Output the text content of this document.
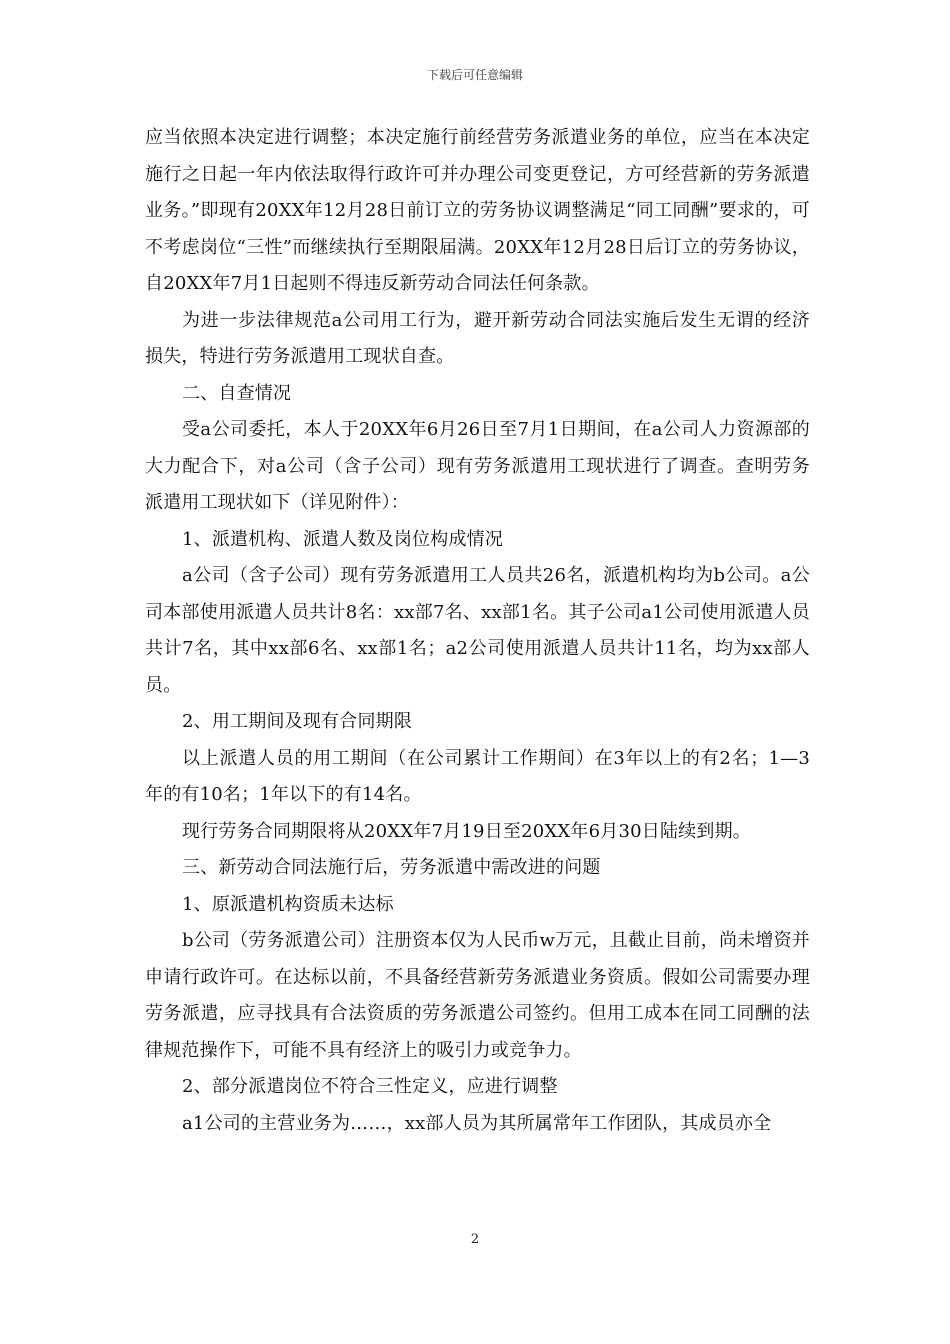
下载后可任意编辑

应当依照本决定进行调整；本决定施行前经营劳务派遣业务的单位，应当在本决定施行之日起一年内依法取得行政许可并办理公司变更登记，方可经营新的劳务派遣业务。”即现有20XX年12月28日前订立的劳务协议调整满足“同工同酬”要求的，可不考虑岗位“三性”而继续执行至期限届满。20XX年12月28日后订立的劳务协议，自20XX年7月1日起则不得违反新劳动合同法任何条款。

为进一步法律规范a公司用工行为，避开新劳动合同法实施后发生无谓的经济损失，特进行劳务派遣用工现状自查。

二、自查情况

受a公司委托，本人于20XX年6月26日至7月1日期间，在a公司人力资源部的大力配合下，对a公司（含子公司）现有劳务派遣用工现状进行了调查。查明劳务派遣用工现状如下（详见附件）：

1、派遣机构、派遣人数及岗位构成情况

a公司（含子公司）现有劳务派遣用工人员共26名，派遣机构均为b公司。a公司本部使用派遣人员共计8名：xx部7名、xx部1名。其子公司a1公司使用派遣人员共计7名，其中xx部6名、xx部1名；a2公司使用派遣人员共计11名，均为xx部人员。

2、用工期间及现有合同期限

以上派遣人员的用工期间（在公司累计工作期间）在3年以上的有2名；1—3年的有10名；1年以下的有14名。

现行劳务合同期限将从20XX年7月19日至20XX年6月30日陆续到期。

三、新劳动合同法施行后，劳务派遣中需改进的问题

1、原派遣机构资质未达标

b公司（劳务派遣公司）注册资本仅为人民币w万元，且截止目前，尚未增资并申请行政许可。在达标以前，不具备经营新劳务派遣业务资质。假如公司需要办理劳务派遣，应寻找具有合法资质的劳务派遣公司签约。但用工成本在同工同酬的法律规范操作下，可能不具有经济上的吸引力或竞争力。

2、部分派遣岗位不符合三性定义，应进行调整

a1公司的主营业务为……，xx部人员为其所属常年工作团队，其成员亦全

2
